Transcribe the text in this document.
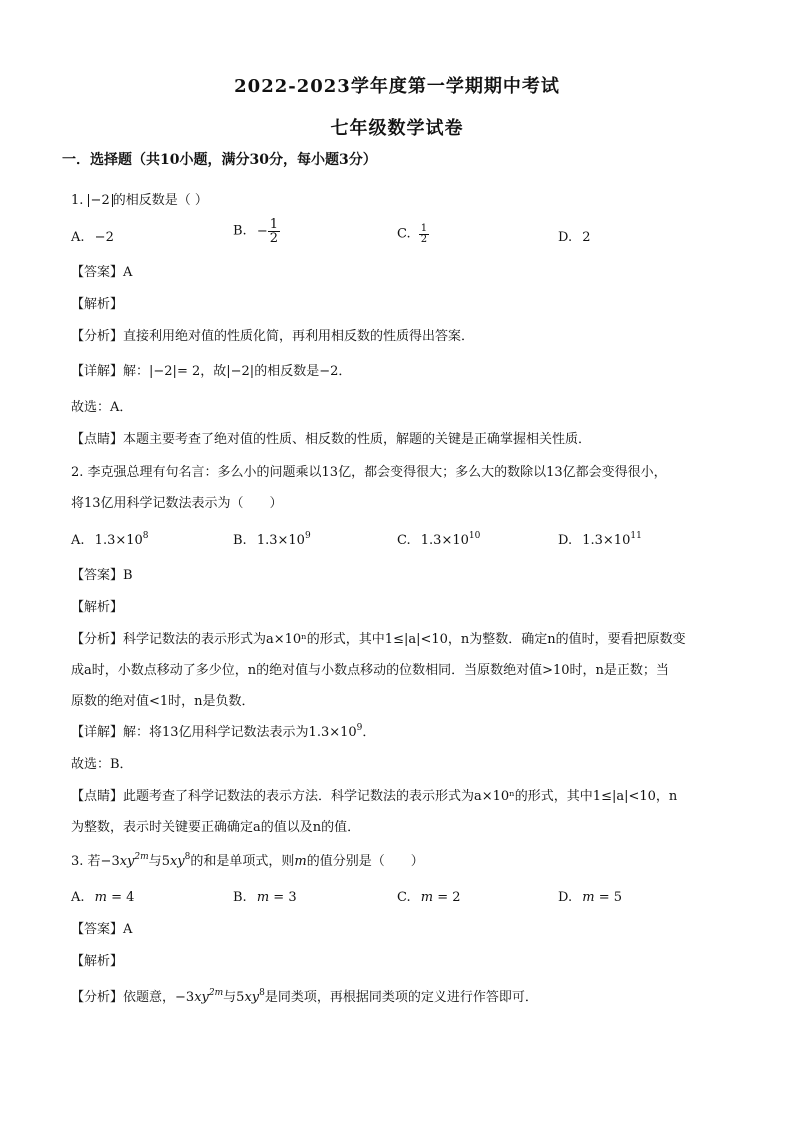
2022-2023学年度第一学期期中考试
七年级数学试卷
一．选择题（共10小题，满分30分，每小题3分）
1. −2 的相反数是（ ）
A. −2	B. − $\frac{1}{2}$	C. $\frac{1}{2}$	D. 2
【答案】A
【解析】
【分析】直接利用绝对值的性质化简，再利用相反数的性质得出答案．
【详解】解：|−2|= 2，故|−2|的相反数是−2．
故选：A．
【点睛】本题主要考查了绝对值的性质、相反数的性质，解题的关键是正确掌握相关性质．
2. 李克强总理有句名言：多么小的问题乘以13亿，都会变得很大；多么大的数除以13亿都会变得很小，
将13亿用科学记数法表示为（　　）
A. $1.3\times 10^8$	B. $1.3\times 10^9$	C. $1.3\times 10^{10}$	D. $1.3\times 10^{11}$
【答案】B
【解析】
【分析】科学记数法的表示形式为a×10ⁿ的形式，其中1≤|a|<10，n为整数．确定n的值时，要看把原数变
成a时，小数点移动了多少位，n的绝对值与小数点移动的位数相同．当原数绝对值>10时，n是正数；当
原数的绝对值<1时，n是负数．
【详解】解：将13亿用科学记数法表示为$1.3\times 10^9$．
故选：B．
【点睛】此题考查了科学记数法的表示方法．科学记数法的表示形式为a×10ⁿ的形式，其中1≤|a|<10，n
为整数，表示时关键要正确确定a的值以及n的值．
3. 若$-3xy^{2m}$与$5xy^8$的和是单项式，则m的值分别是（　　）
A. m = 4	B. m = 3	C. m = 2	D. m = 5
【答案】A
【解析】
【分析】依题意，$-3xy^{2m}$与$5xy^8$是同类项，再根据同类项的定义进行作答即可．
